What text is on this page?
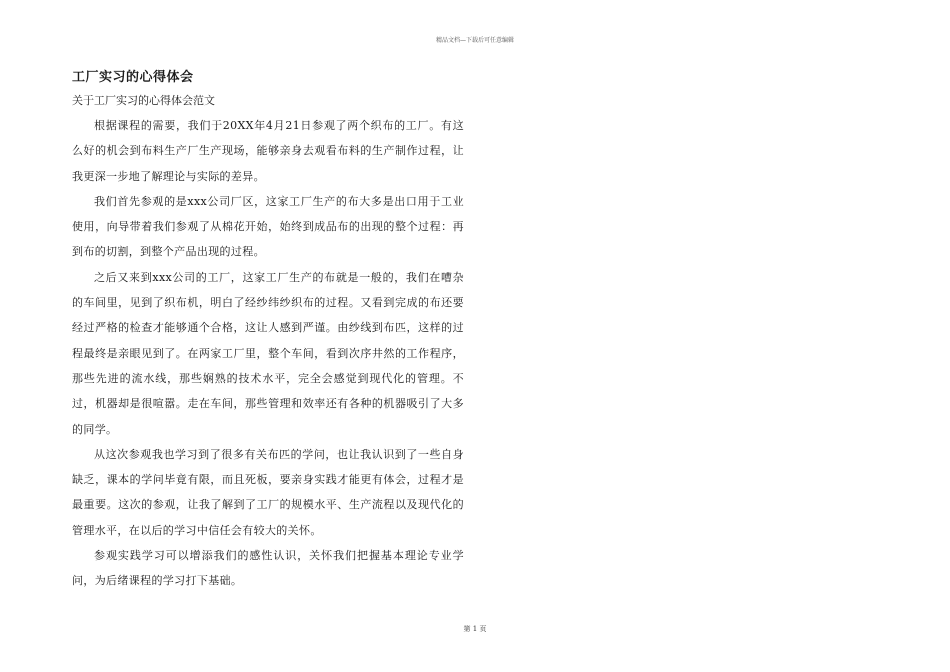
精品文档—下载后可任意编辑
工厂实习的心得体会

关于工厂实习的心得体会范文

根据课程的需要，我们于20XX年4月21日参观了两个织布的工厂。有这么好的机会到布料生产厂生产现场，能够亲身去观看布料的生产制作过程，让我更深一步地了解理论与实际的差异。

我们首先参观的是xxx公司厂区，这家工厂生产的布大多是出口用于工业使用，向导带着我们参观了从棉花开始，始终到成品布的出现的整个过程：再到布的切割，到整个产品出现的过程。

之后又来到xxx公司的工厂，这家工厂生产的布就是一般的，我们在嘈杂的车间里，见到了织布机，明白了经纱纬纱织布的过程。又看到完成的布还要经过严格的检查才能够通个合格，这让人感到严谨。由纱线到布匹，这样的过程最终是亲眼见到了。在两家工厂里，整个车间，看到次序井然的工作程序，那些先进的流水线，那些娴熟的技术水平，完全会感觉到现代化的管理。不过，机器却是很喧嚣。走在车间，那些管理和效率还有各种的机器吸引了大多的同学。

从这次参观我也学习到了很多有关布匹的学问，也让我认识到了一些自身缺乏，课本的学问毕竟有限，而且死板，要亲身实践才能更有体会，过程才是最重要。这次的参观，让我了解到了工厂的规模水平、生产流程以及现代化的管理水平，在以后的学习中信任会有较大的关怀。

参观实践学习可以增添我们的感性认识，关怀我们把握基本理论专业学问，为后绪课程的学习打下基础。

第 1 页
